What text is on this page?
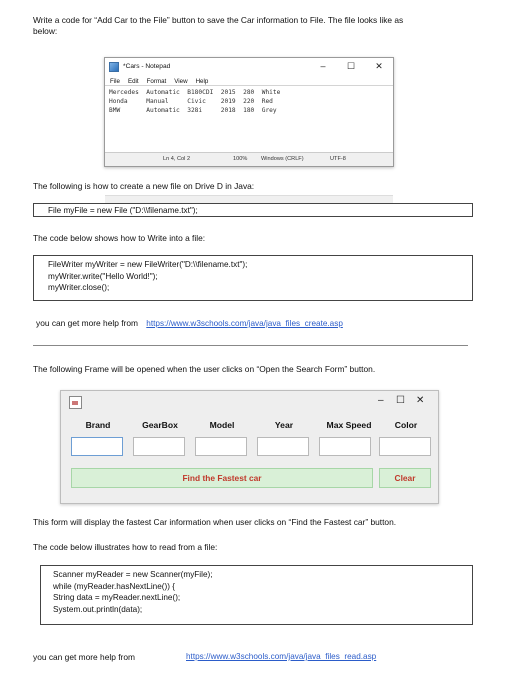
Write a code for “Add Car to the File” button to save the Car information to File. The file looks like as
below:
*Cars - Notepad	–	☐	✕
File Edit Format View Help
Mercedes  Automatic  B180CDI  2015  280  White
Honda     Manual     Civic    2019  220  Red
BMW       Automatic  328i     2018  180  Grey
Ln 4, Col 2	100% Windows (CRLF)	UTF-8
The following is how to create a new file on Drive D in Java:
File myFile = new File ("D:\\filename.txt");
The code below shows how to Write into a file:
FileWriter myWriter = new FileWriter("D:\\filename.txt");
myWriter.write("Hello World!");
myWriter.close();
you can get more help from https://www.w3schools.com/java/java_files_create.asp
The following Frame will be opened when the user clicks on “Open the Search Form” button.
– ☐ ✕
Brand	GearBox	Model	Year	Max Speed	Color
Find the Fastest car	Clear
This form will display the fastest Car information when user clicks on “Find the Fastest car” button.
The code below illustrates how to read from a file:
Scanner myReader = new Scanner(myFile);
while (myReader.hasNextLine()) {
String data = myReader.nextLine();
System.out.println(data);
you can get more help from	https://www.w3schools.com/java/java_files_read.asp
